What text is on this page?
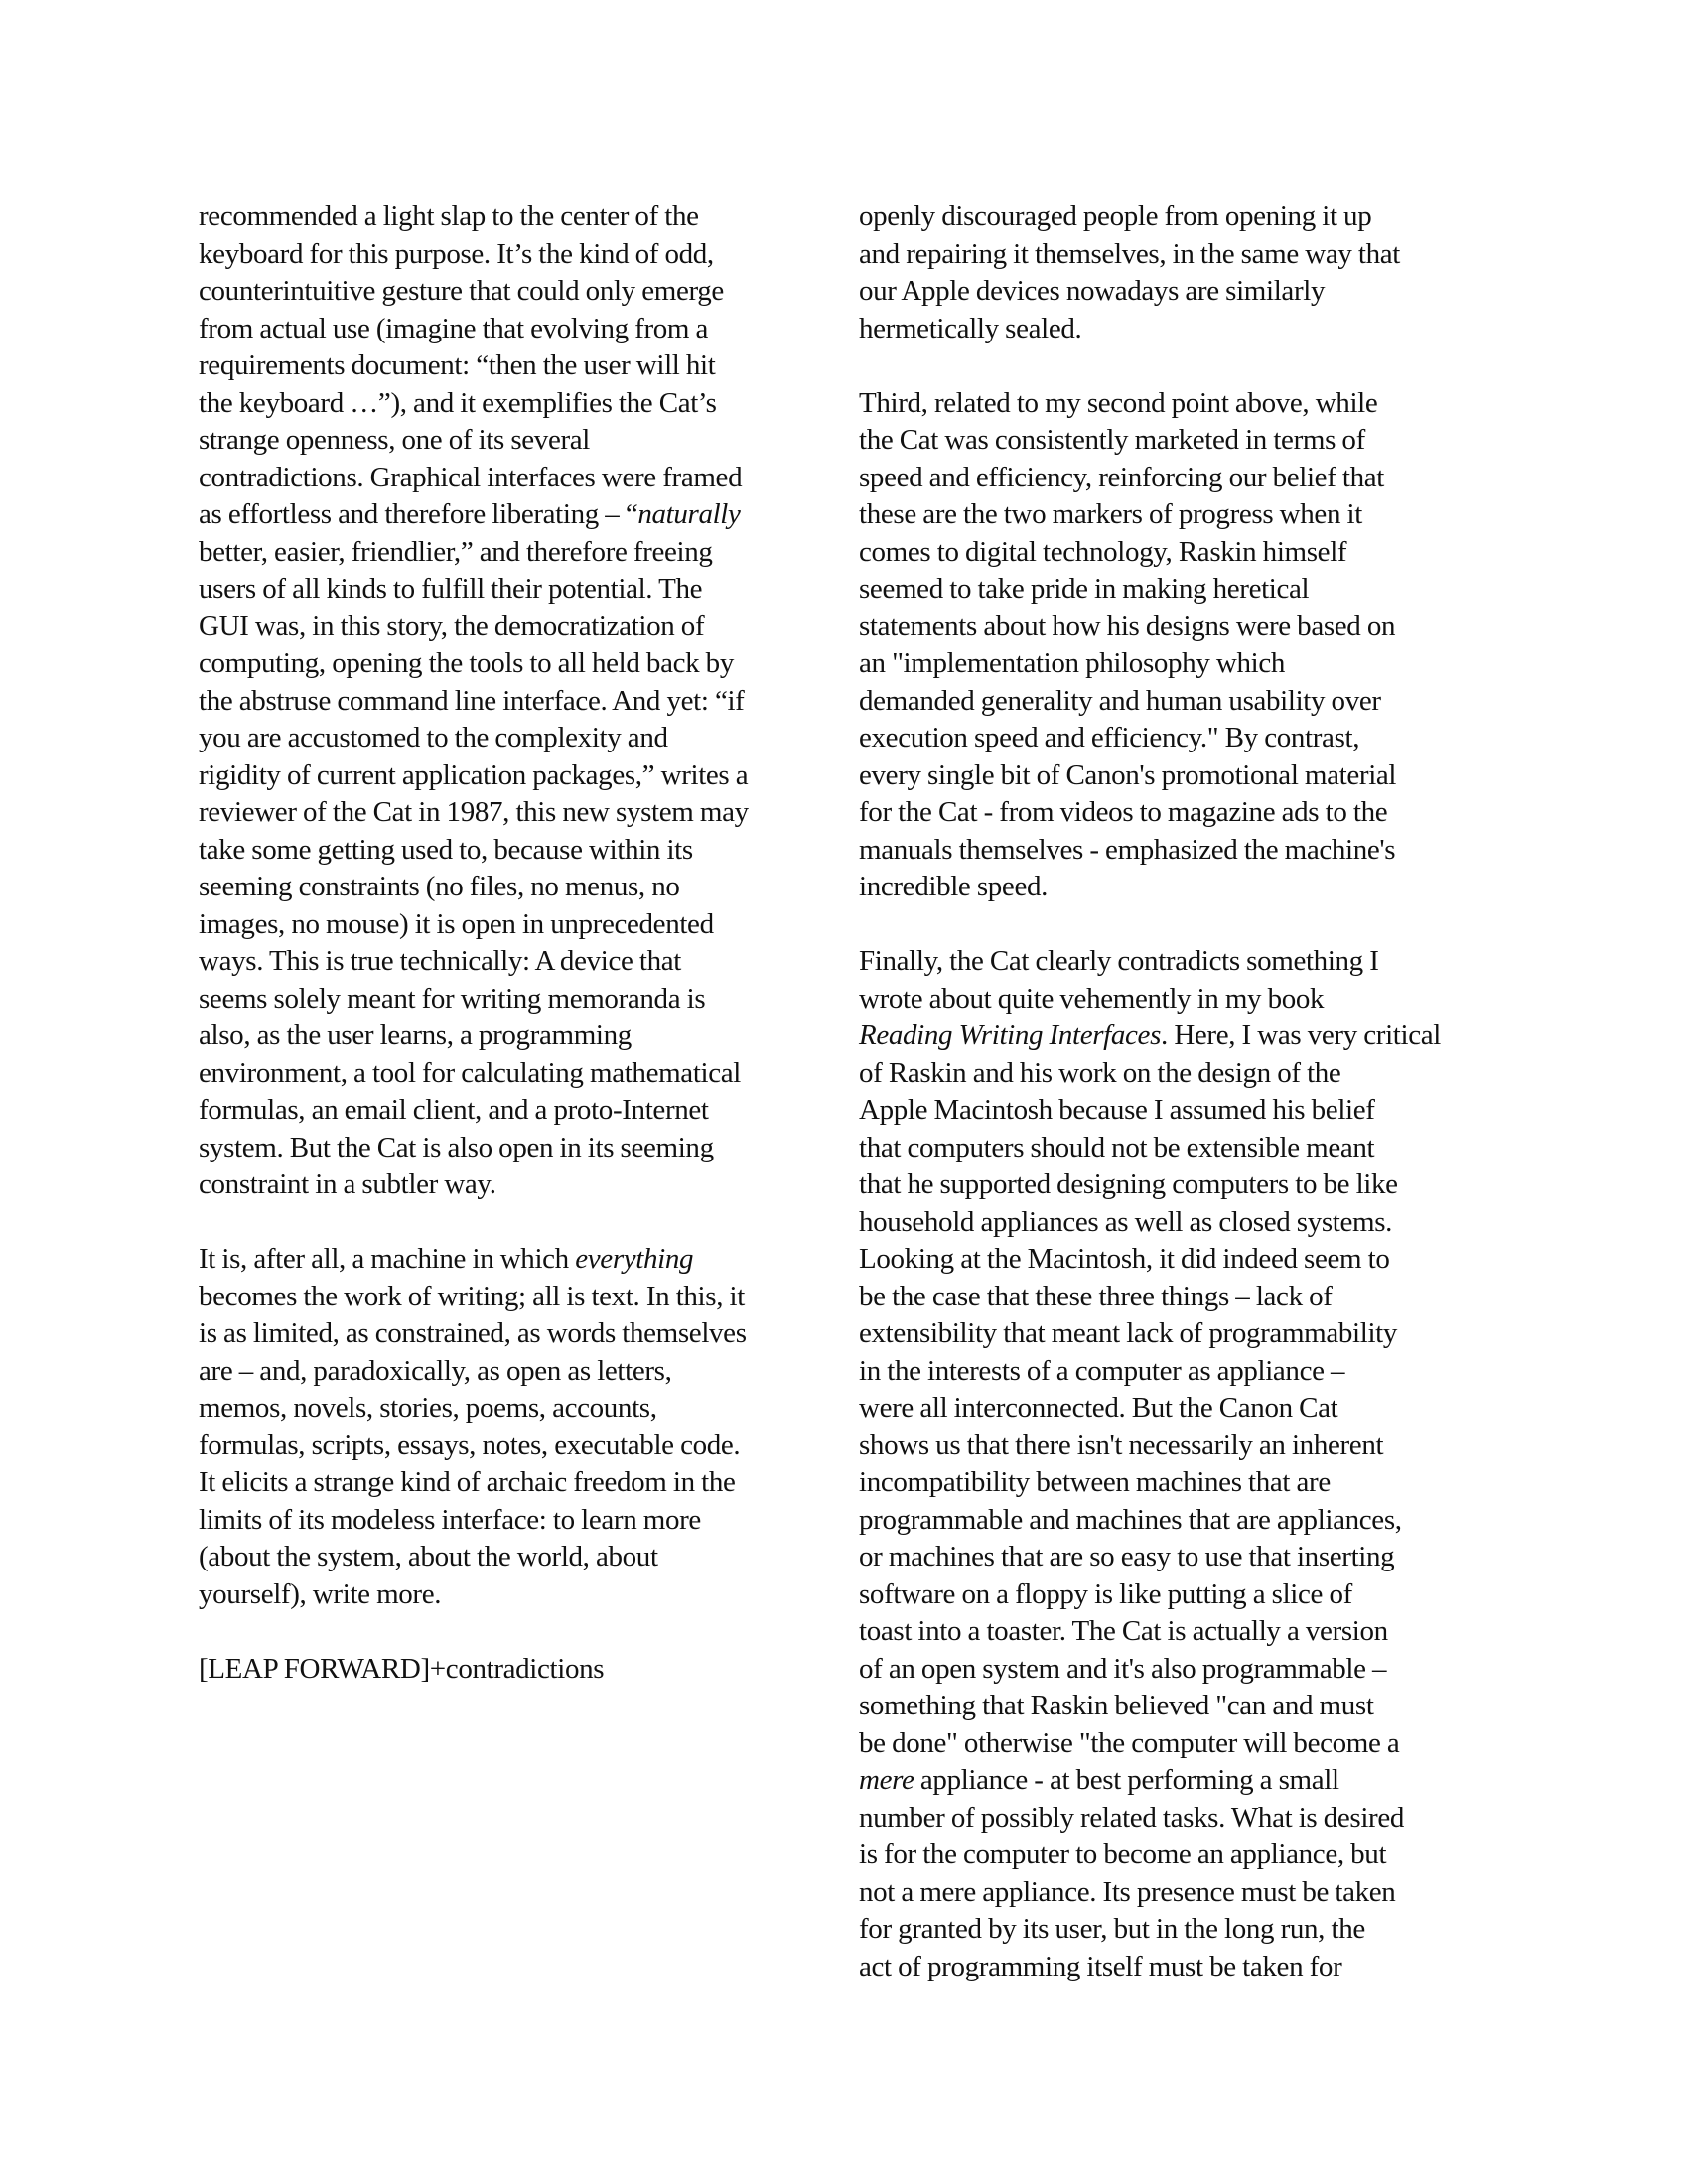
recommended a light slap to the center of the
keyboard for this purpose. It’s the kind of odd,
counterintuitive gesture that could only emerge
from actual use (imagine that evolving from a
requirements document: “then the user will hit
the keyboard …”), and it exemplifies the Cat’s
strange openness, one of its several
contradictions. Graphical interfaces were framed
as effortless and therefore liberating – “naturally
better, easier, friendlier,” and therefore freeing
users of all kinds to fulfill their potential. The
GUI was, in this story, the democratization of
computing, opening the tools to all held back by
the abstruse command line interface. And yet: “if
you are accustomed to the complexity and
rigidity of current application packages,” writes a
reviewer of the Cat in 1987, this new system may
take some getting used to, because within its
seeming constraints (no files, no menus, no
images, no mouse) it is open in unprecedented
ways. This is true technically: A device that
seems solely meant for writing memoranda is
also, as the user learns, a programming
environment, a tool for calculating mathematical
formulas, an email client, and a proto-Internet
system. But the Cat is also open in its seeming
constraint in a subtler way.
It is, after all, a machine in which everything
becomes the work of writing; all is text. In this, it
is as limited, as constrained, as words themselves
are – and, paradoxically, as open as letters,
memos, novels, stories, poems, accounts,
formulas, scripts, essays, notes, executable code.
It elicits a strange kind of archaic freedom in the
limits of its modeless interface: to learn more
(about the system, about the world, about
yourself), write more.
[LEAP FORWARD]+contradictions
openly discouraged people from opening it up
and repairing it themselves, in the same way that
our Apple devices nowadays are similarly
hermetically sealed.
Third, related to my second point above, while
the Cat was consistently marketed in terms of
speed and efficiency, reinforcing our belief that
these are the two markers of progress when it
comes to digital technology, Raskin himself
seemed to take pride in making heretical
statements about how his designs were based on
an "implementation philosophy which
demanded generality and human usability over
execution speed and efficiency." By contrast,
every single bit of Canon's promotional material
for the Cat - from videos to magazine ads to the
manuals themselves - emphasized the machine's
incredible speed.
Finally, the Cat clearly contradicts something I
wrote about quite vehemently in my book
Reading Writing Interfaces. Here, I was very critical
of Raskin and his work on the design of the
Apple Macintosh because I assumed his belief
that computers should not be extensible meant
that he supported designing computers to be like
household appliances as well as closed systems.
Looking at the Macintosh, it did indeed seem to
be the case that these three things – lack of
extensibility that meant lack of programmability
in the interests of a computer as appliance –
were all interconnected. But the Canon Cat
shows us that there isn't necessarily an inherent
incompatibility between machines that are
programmable and machines that are appliances,
or machines that are so easy to use that inserting
software on a floppy is like putting a slice of
toast into a toaster. The Cat is actually a version
of an open system and it's also programmable –
something that Raskin believed "can and must
be done" otherwise "the computer will become a
mere appliance - at best performing a small
number of possibly related tasks. What is desired
is for the computer to become an appliance, but
not a mere appliance. Its presence must be taken
for granted by its user, but in the long run, the
act of programming itself must be taken for
